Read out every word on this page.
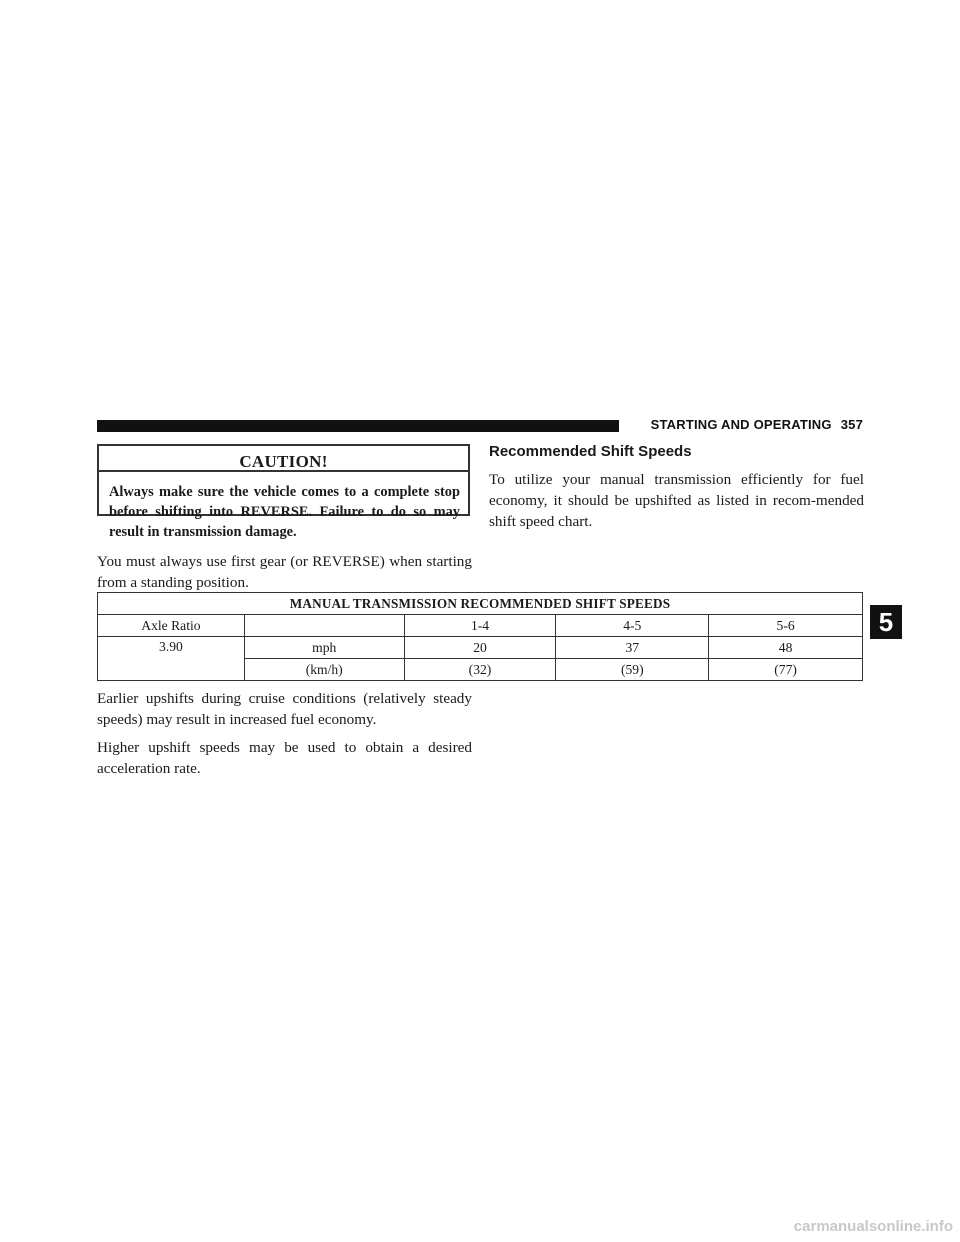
STARTING AND OPERATING 357
CAUTION!
Always make sure the vehicle comes to a complete stop before shifting into REVERSE. Failure to do so may result in transmission damage.
You must always use first gear (or REVERSE) when starting from a standing position.
Recommended Shift Speeds
To utilize your manual transmission efficiently for fuel economy, it should be upshifted as listed in recom-mended shift speed chart.
MANUAL TRANSMISSION RECOMMENDED SHIFT SPEEDS				
Axle Ratio		1-4	4-5	5-6
3.90	mph	20	37	48
	(km/h)	(32)	(59)	(77)
5
Earlier upshifts during cruise conditions (relatively steady speeds) may result in increased fuel economy.
Higher upshift speeds may be used to obtain a desired acceleration rate.
carmanualsonline.info
